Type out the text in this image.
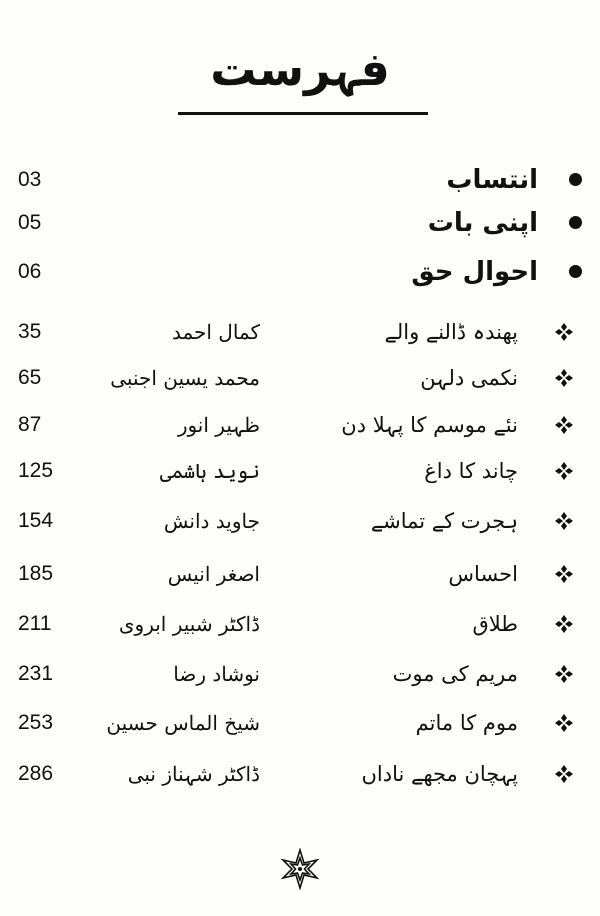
فہرست
03	انتساب
05	اپنی بات
06	احوال حق
35	کمال احمد	پھندہ ڈالنے والے
65	محمد یسین اجنبی	نکمی دلہن
87	ظہیر انور	نئے موسم کا پہلا دن
125	نوید ہاشمی	چاند کا داغ
154	جاوید دانش	ہجرت کے تماشے
185	اصغر انیس	احساس
211	ڈاکٹر شبیر ابروی	طلاق
231	نوشاد رضا	مریم کی موت
253	شیخ الماس حسین	موم کا ماتم
286	ڈاکٹر شہناز نبی	پہچان مجھے ناداں
